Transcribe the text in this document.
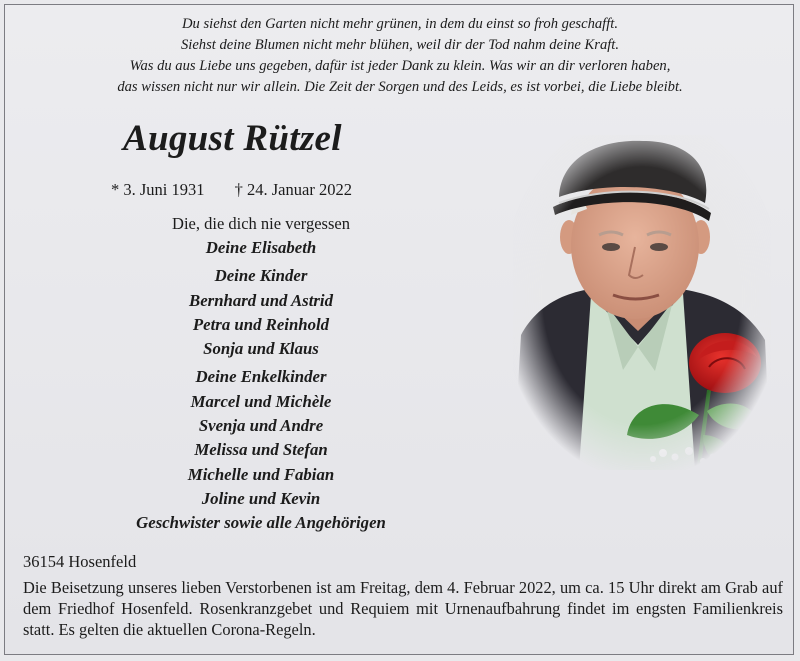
Du siehst den Garten nicht mehr grünen, in dem du einst so froh geschafft.
Siehst deine Blumen nicht mehr blühen, weil dir der Tod nahm deine Kraft.
Was du aus Liebe uns gegeben, dafür ist jeder Dank zu klein. Was wir an dir verloren haben,
das wissen nicht nur wir allein. Die Zeit der Sorgen und des Leids, es ist vorbei, die Liebe bleibt.
August Rützel
* 3. Juni 1931 † 24. Januar 2022
Die, die dich nie vergessen
Deine Elisabeth
Deine Kinder
Bernhard und Astrid
Petra und Reinhold
Sonja und Klaus
Deine Enkelkinder
Marcel und Michèle
Svenja und Andre
Melissa und Stefan
Michelle und Fabian
Joline und Kevin
Geschwister sowie alle Angehörigen
36154 Hosenfeld
Die Beisetzung unseres lieben Verstorbenen ist am Freitag, dem 4. Februar 2022, um ca. 15 Uhr direkt am Grab auf dem Friedhof Hosenfeld. Rosenkranzgebet und Requiem mit Urnenaufbahrung findet im engsten Familienkreis statt. Es gelten die aktuellen Corona-Regeln.
